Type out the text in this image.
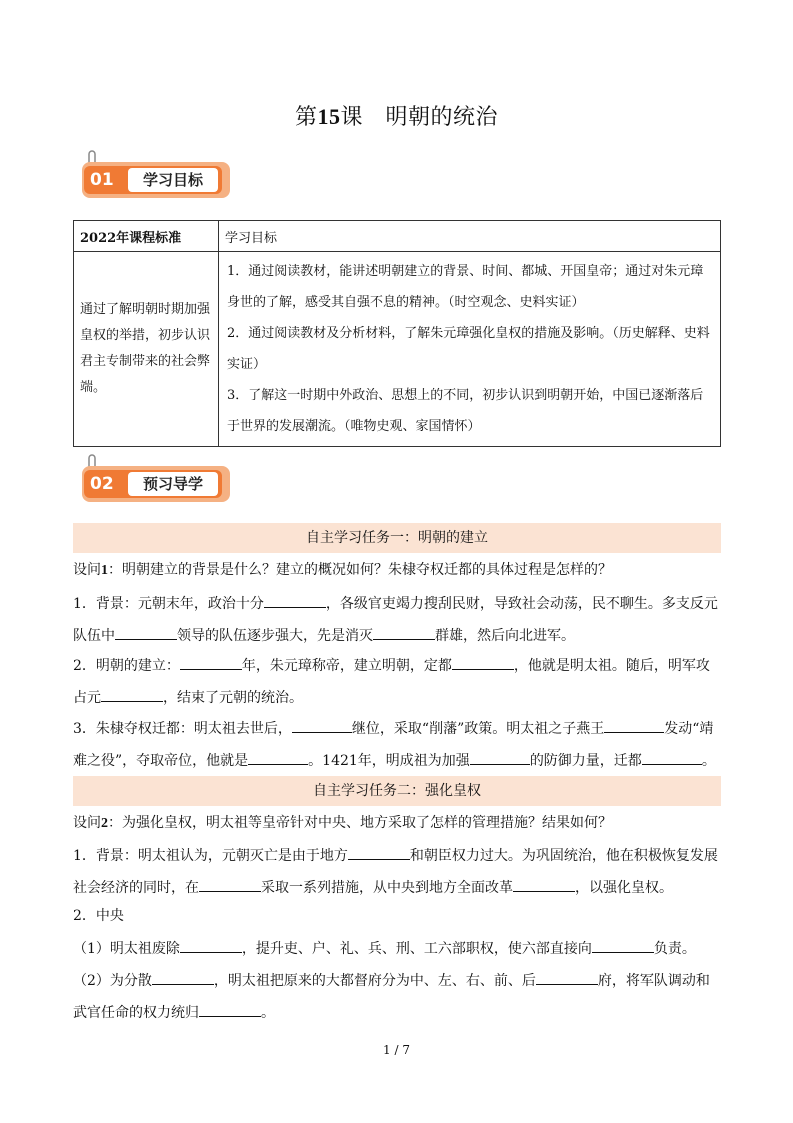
第15课　明朝的统治
01	学习目标
2022年课程标准	学习目标
通过了解明朝时期加强皇权的举措，初步认识君主专制带来的社会弊端。	1．通过阅读教材，能讲述明朝建立的背景、时间、都城、开国皇帝；通过对朱元璋身世的了解，感受其自强不息的精神。（时空观念、史料实证）
2．通过阅读教材及分析材料，了解朱元璋强化皇权的措施及影响。（历史解释、史料实证）
3．了解这一时期中外政治、思想上的不同，初步认识到明朝开始，中国已逐渐落后于世界的发展潮流。（唯物史观、家国情怀）
02	预习导学
自主学习任务一：明朝的建立
设问1：明朝建立的背景是什么？建立的概况如何？朱棣夺权迁都的具体过程是怎样的？
1．背景：元朝末年，政治十分	，各级官吏竭力搜刮民财，导致社会动荡，民不聊生。多支反元队伍中	领导的队伍逐步强大，先是消灭	群雄，然后向北进军。
2．明朝的建立：	年，朱元璋称帝，建立明朝，定都	，他就是明太祖。随后，明军攻占元	，结束了元朝的统治。
3．朱棣夺权迁都：明太祖去世后，	继位，采取“削藩”政策。明太祖之子燕王	发动“靖难之役”，夺取帝位，他就是	。1421年，明成祖为加强	的防御力量，迁都	。
自主学习任务二：强化皇权
设问2：为强化皇权，明太祖等皇帝针对中央、地方采取了怎样的管理措施？结果如何？
1．背景：明太祖认为，元朝灭亡是由于地方	和朝臣权力过大。为巩固统治，他在积极恢复发展社会经济的同时，在	采取一系列措施，从中央到地方全面改革	，以强化皇权。
2．中央
（1）明太祖废除	，提升吏、户、礼、兵、刑、工六部职权，使六部直接向	负责。
（2）为分散	，明太祖把原来的大都督府分为中、左、右、前、后	府，将军队调动和武官任命的权力统归	。
1 / 7
